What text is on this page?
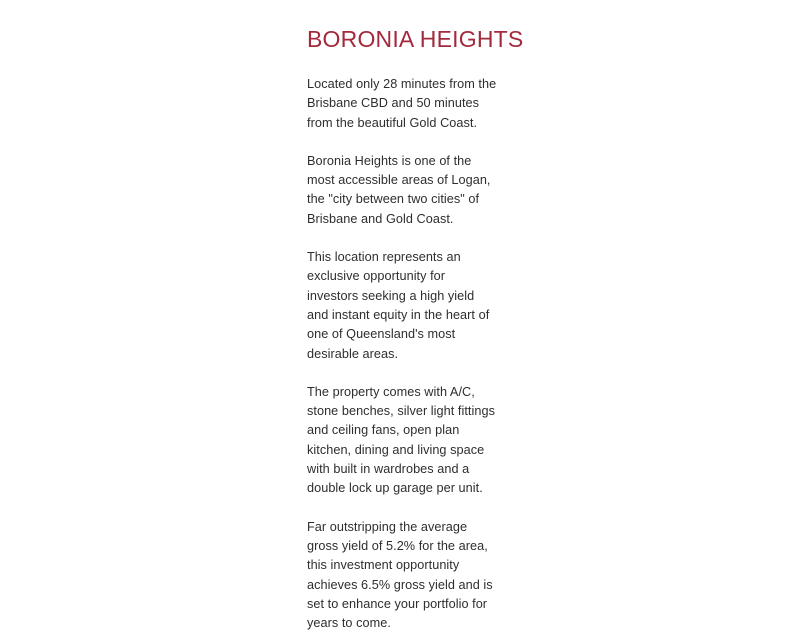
BORONIA HEIGHTS

Located only 28 minutes from the Brisbane CBD and 50 minutes from the beautiful Gold Coast.

Boronia Heights is one of the most accessible areas of Logan, the "city between two cities" of Brisbane and Gold Coast.

This location represents an exclusive opportunity for investors seeking a high yield and instant equity in the heart of one of Queensland's most desirable areas.

The property comes with A/C, stone benches, silver light fittings and ceiling fans, open plan kitchen, dining and living space with built in wardrobes and a double lock up garage per unit.

Far outstripping the average gross yield of 5.2% for the area, this investment opportunity achieves 6.5% gross yield and is set to enhance your portfolio for years to come.
